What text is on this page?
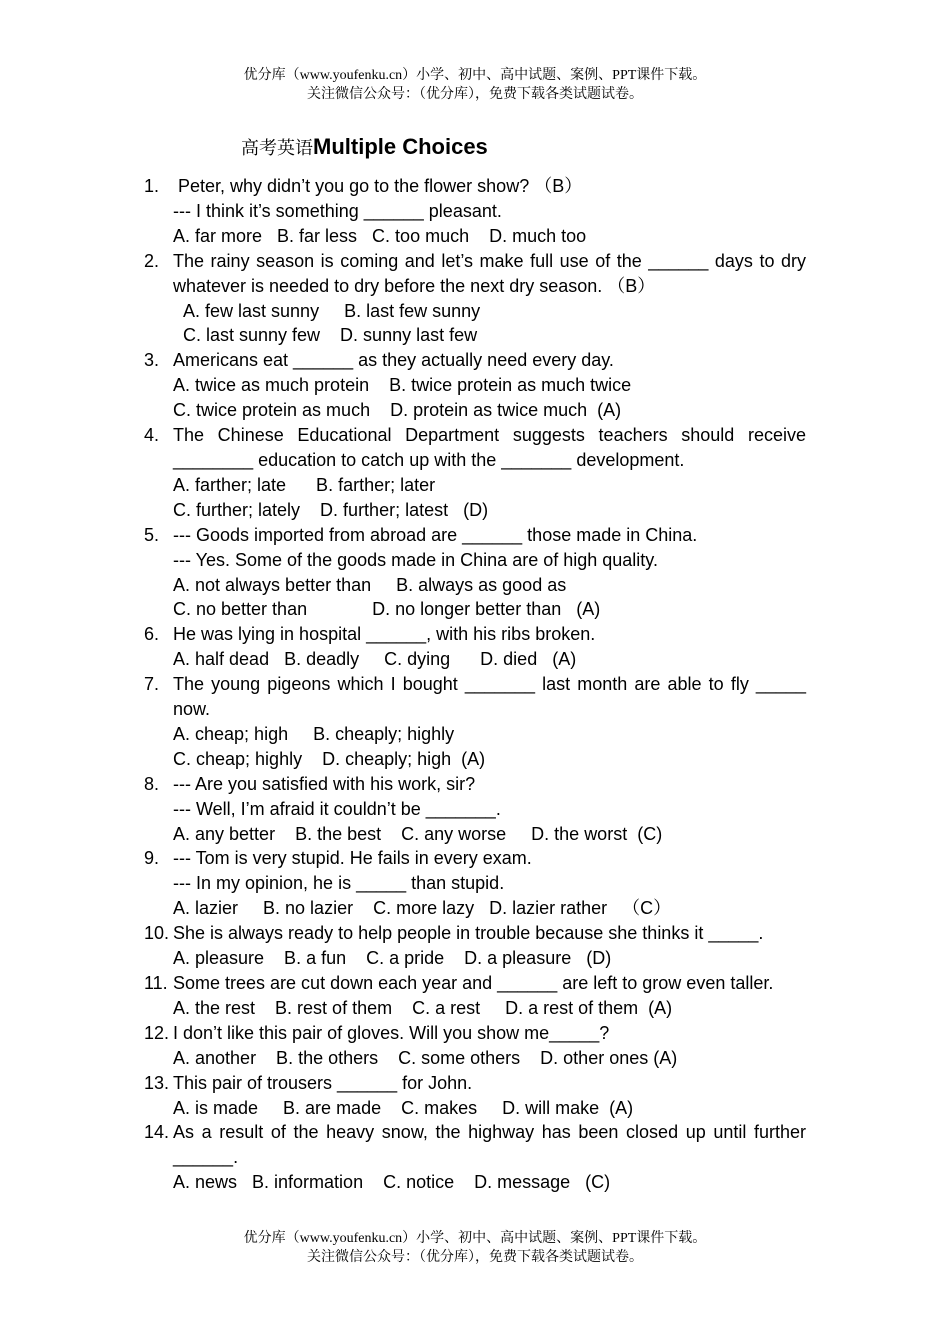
优分库（www.youfenku.cn）小学、初中、高中试题、案例、PPT课件下载。
关注微信公众号：（优分库），免费下载各类试题试卷。
高考英语Multiple Choices
1. Peter, why didn’t you go to the flower show? （B）
--- I think it’s something ______ pleasant.
A. far more   B. far less   C. too much    D. much too
2. The rainy season is coming and let’s make full use of the ______ days to dry whatever is needed to dry before the next dry season. （B）
A. few last sunny     B. last few sunny
C. last sunny few    D. sunny last few
3. Americans eat ______ as they actually need every day.
A. twice as much protein    B. twice protein as much twice
C. twice protein as much    D. protein as twice much  (A)
4. The Chinese Educational Department suggests teachers should receive ________ education to catch up with the _______ development.
A. farther; late      B. farther; later
C. further; lately    D. further; latest   (D)
5. --- Goods imported from abroad are ______ those made in China.
--- Yes. Some of the goods made in China are of high quality.
A. not always better than     B. always as good as
C. no better than             D. no longer better than   (A)
6. He was lying in hospital ______, with his ribs broken.
A. half dead   B. deadly     C. dying      D. died   (A)
7. The young pigeons which I bought _______ last month are able to fly _____ now.
A. cheap; high     B. cheaply; highly
C. cheap; highly    D. cheaply; high  (A)
8. --- Are you satisfied with his work, sir?
--- Well, I’m afraid it couldn’t be _______.
A. any better    B. the best    C. any worse     D. the worst  (C)
9. --- Tom is very stupid. He fails in every exam.
--- In my opinion, he is _____ than stupid.
A. lazier     B. no lazier    C. more lazy   D. lazier rather   （C）
10. She is always ready to help people in trouble because she thinks it _____.
A. pleasure    B. a fun    C. a pride    D. a pleasure   (D)
11. Some trees are cut down each year and ______ are left to grow even taller.
A. the rest    B. rest of them    C. a rest     D. a rest of them  (A)
12. I don’t like this pair of gloves. Will you show me_____?
A. another    B. the others    C. some others    D. other ones (A)
13. This pair of trousers ______ for John.
A. is made     B. are made    C. makes     D. will make  (A)
14. As a result of the heavy snow, the highway has been closed up until further ______.
A. news   B. information    C. notice    D. message   (C)
优分库（www.youfenku.cn）小学、初中、高中试题、案例、PPT课件下载。
关注微信公众号：（优分库），免费下载各类试题试卷。
